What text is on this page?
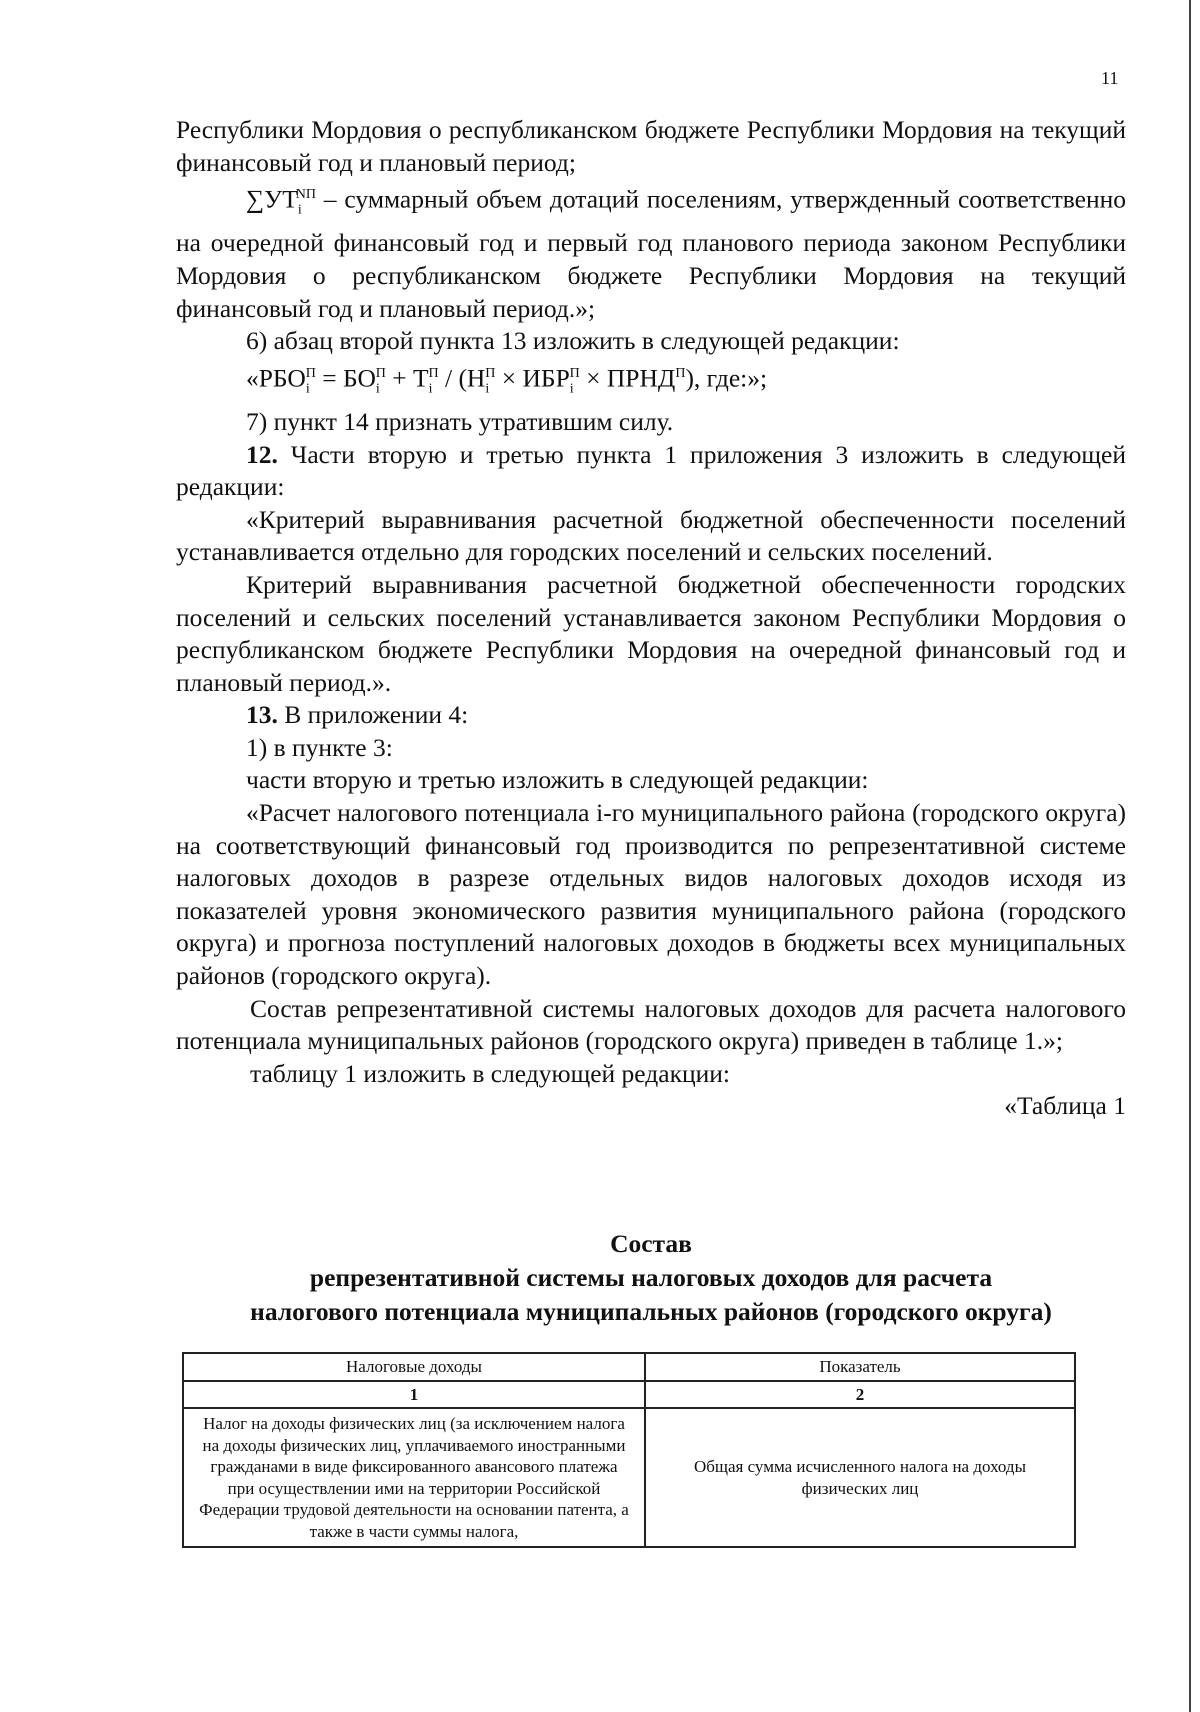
11

Республики Мордовия о республиканском бюджете Республики Мордовия на текущий финансовый год и плановый период;

$\sum УТ_i^{NП}$ – суммарный объем дотаций поселениям, утвержденный соответственно на очередной финансовый год и первый год планового периода законом Республики Мордовия о республиканском бюджете Республики Мордовия на текущий финансовый год и плановый период.»;

6) абзац второй пункта 13 изложить в следующей редакции:

«$РБО_i^П = БО_i^П + Т_i^П / (Н_i^П \times ИБР_i^П$ × $ПРНД^П$), где:»;

7) пункт 14 признать утратившим силу.

12. Части вторую и третью пункта 1 приложения 3 изложить в следующей редакции:

«Критерий выравнивания расчетной бюджетной обеспеченности поселений устанавливается отдельно для городских поселений и сельских поселений.

Критерий выравнивания расчетной бюджетной обеспеченности городских поселений и сельских поселений устанавливается законом Республики Мордовия о республиканском бюджете Республики Мордовия на очередной финансовый год и плановый период.».

13. В приложении 4:

1) в пункте 3:

части вторую и третью изложить в следующей редакции:

«Расчет налогового потенциала i-го муниципального района (городского округа) на соответствующий финансовый год производится по репрезентативной системе налоговых доходов в разрезе отдельных видов налоговых доходов исходя из показателей уровня экономического развития муниципального района (городского округа) и прогноза поступлений налоговых доходов в бюджеты всех муниципальных районов (городского округа).

Состав репрезентативной системы налоговых доходов для расчета налогового потенциала муниципальных районов (городского округа) приведен в таблице 1.»;

таблицу 1 изложить в следующей редакции:

«Таблица 1

Состав
репрезентативной системы налоговых доходов для расчета
налогового потенциала муниципальных районов (городского округа)
Налоговые доходы	Показатель
1	2
Налог на доходы физических лиц (за исключением налога на доходы физических лиц, уплачиваемого иностранными гражданами в виде фиксированного авансового платежа при осуществлении ими на территории Российской Федерации трудовой деятельности на основании патента, а также в части суммы налога,	Общая сумма исчисленного налога на доходы физических лиц
